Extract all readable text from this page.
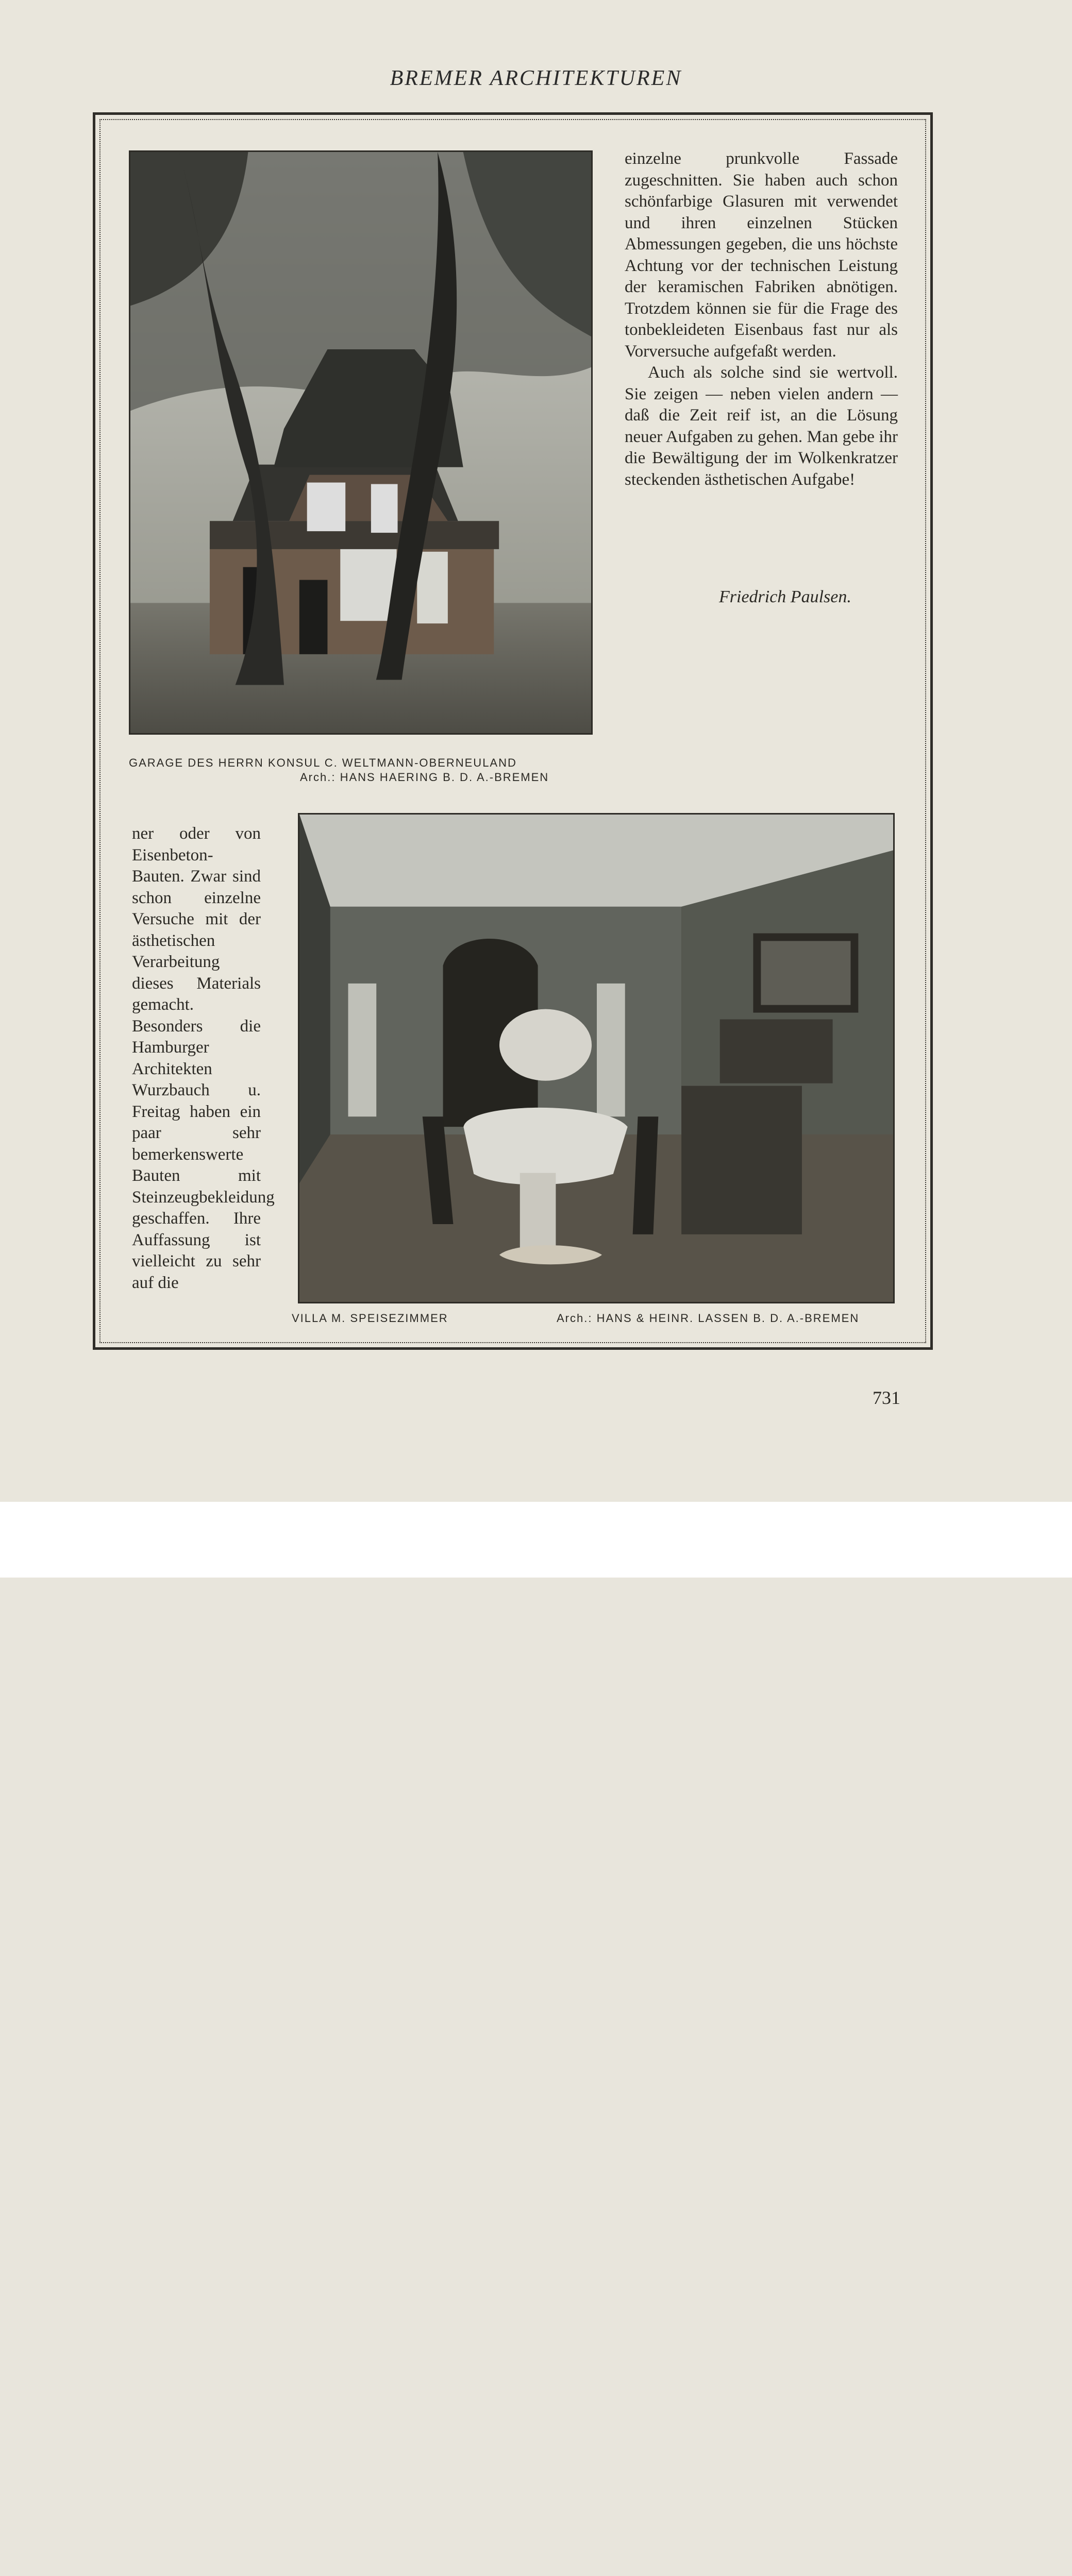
BREMER ARCHITEKTUREN
GARAGE DES HERRN KONSUL C. WELTMANN-OBERNEULAND
Arch.: HANS HAERING B. D. A.-BREMEN

einzelne prunkvolle Fassade zugeschnitten. Sie haben auch schon schönfarbige Glasuren mit verwendet und ihren einzelnen Stücken Abmessungen gegeben, die uns höchste Achtung vor der technischen Leistung der keramischen Fabriken abnötigen. Trotzdem können sie für die Frage des tonbekleideten Eisenbaus fast nur als Vorversuche aufgefaßt werden.

Auch als solche sind sie wertvoll. Sie zeigen — neben vielen andern — daß die Zeit reif ist, an die Lösung neuer Aufgaben zu gehen. Man gebe ihr die Bewältigung der im Wolkenkratzer steckenden ästhetischen Aufgabe!

Friedrich Paulsen.

ner oder von Eisenbeton-Bauten. Zwar sind schon einzelne Versuche mit der ästhetischen Verarbeitung dieses Materials gemacht. Besonders die Hamburger Architekten Wurzbauch u. Freitag haben ein paar sehr bemerkenswerte Bauten mit Steinzeugbekleidung geschaffen. Ihre Auffassung ist vielleicht zu sehr auf die

VILLA M. SPEISEZIMMER	Arch.: HANS & HEINR. LASSEN B. D. A.-BREMEN
731
